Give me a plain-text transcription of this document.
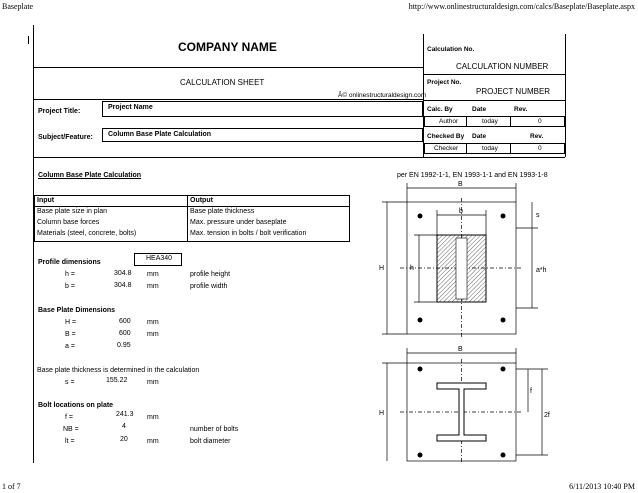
Baseplate	http://www.onlinestructuraldesign.com/calcs/Baseplate/Baseplate.aspx
1 of 7	6/11/2013 10:40 PM
COMPANY NAME
CALCULATION SHEET
Â© onlinestructuraldesign.com
Project Title:
Project Name
Subject/Feature: Column Base Plate Calculation
Calculation No.
CALCULATION NUMBER
Project No.
PROJECT NUMBER
Calc. By	Date	Rev.
Author	today	0
Checked By Date	Rev.
Checker	today	0
Column Base Plate Calculation	per EN 1992-1-1, EN 1993-1-1 and EN 1993-1-8
Input	Output
Base plate size in plan	Base plate thickness
Column base forces	Max. pressure under baseplate
Materials (steel, concrete, bolts)	Max. tension in bolts / bolt verification
Profile dimensions
HEA340
h =	304.8 mm	profile height
b =	304.8 mm	profile width
Base Plate Dimensions
H =	600 mm
B =	600 mm
a =	0.95
Base plate thickness is determined in the calculation
s =	155.22	mm
Bolt locations on plate
f =	241.3 mm
NB =	4	number of bolts
lt =	20	mm	bolt diameter
B
b
H	h
s
a*h
B
H
f
2f
